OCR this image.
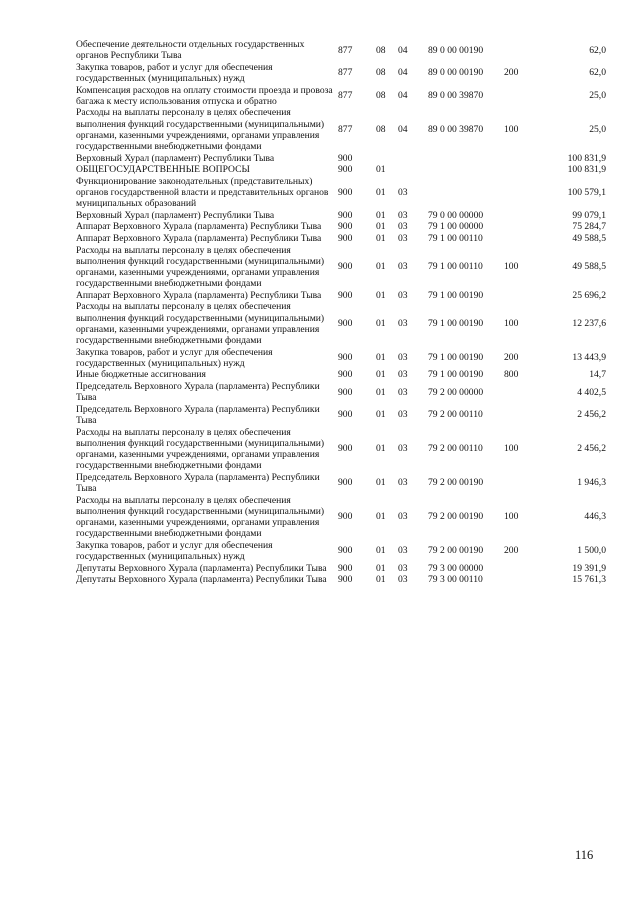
Обеспечение деятельности отдельных государственных органов Республики Тыва	877	08	04	89 0 00 00190		62,0
Закупка товаров, работ и услуг для обеспечения государственных (муниципальных) нужд	877	08	04	89 0 00 00190	200	62,0
Компенсация расходов на оплату стоимости проезда и провоза багажа к месту использования отпуска и обратно	877	08	04	89 0 00 39870		25,0
Расходы на выплаты персоналу в целях обеспечения выполнения функций государственными (муниципальными) органами, казенными учреждениями, органами управления государственными внебюджетными фондами	877	08	04	89 0 00 39870	100	25,0
Верховный Хурал (парламент) Республики Тыва	900					100 831,9
ОБЩЕГОСУДАРСТВЕННЫЕ ВОПРОСЫ	900	01				100 831,9
Функционирование законодательных (представительных) органов государственной власти и представительных органов муниципальных образований	900	01	03			100 579,1
Верховный Хурал (парламент) Республики Тыва	900	01	03	79 0 00 00000		99 079,1
Аппарат Верховного Хурала (парламента) Республики Тыва	900	01	03	79 1 00 00000		75 284,7
Аппарат Верховного Хурала (парламента) Республики Тыва	900	01	03	79 1 00 00110		49 588,5
Расходы на выплаты персоналу в целях обеспечения выполнения функций государственными (муниципальными) органами, казенными учреждениями, органами управления государственными внебюджетными фондами	900	01	03	79 1 00 00110	100	49 588,5
Аппарат Верховного Хурала (парламента) Республики Тыва	900	01	03	79 1 00 00190		25 696,2
Расходы на выплаты персоналу в целях обеспечения выполнения функций государственными (муниципальными) органами, казенными учреждениями, органами управления государственными внебюджетными фондами	900	01	03	79 1 00 00190	100	12 237,6
Закупка товаров, работ и услуг для обеспечения государственных (муниципальных) нужд	900	01	03	79 1 00 00190	200	13 443,9
Иные бюджетные ассигнования	900	01	03	79 1 00 00190	800	14,7
Председатель Верховного Хурала (парламента) Республики Тыва	900	01	03	79 2 00 00000		4 402,5
Председатель Верховного Хурала (парламента) Республики Тыва	900	01	03	79 2 00 00110		2 456,2
Расходы на выплаты персоналу в целях обеспечения выполнения функций государственными (муниципальными) органами, казенными учреждениями, органами управления государственными внебюджетными фондами	900	01	03	79 2 00 00110	100	2 456,2
Председатель Верховного Хурала (парламента) Республики Тыва	900	01	03	79 2 00 00190		1 946,3
Расходы на выплаты персоналу в целях обеспечения выполнения функций государственными (муниципальными) органами, казенными учреждениями, органами управления государственными внебюджетными фондами	900	01	03	79 2 00 00190	100	446,3
Закупка товаров, работ и услуг для обеспечения государственных (муниципальных) нужд	900	01	03	79 2 00 00190	200	1 500,0
Депутаты Верховного Хурала (парламента) Республики Тыва	900	01	03	79 3 00 00000		19 391,9
Депутаты Верховного Хурала (парламента) Республики Тыва	900	01	03	79 3 00 00110		15 761,3
116
